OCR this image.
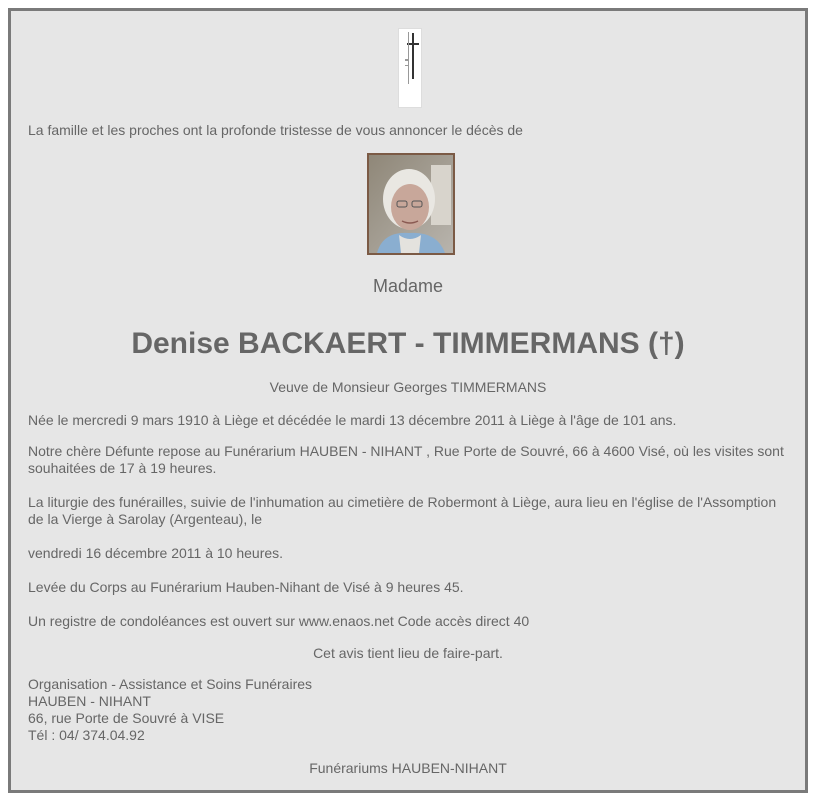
La famille et les proches ont la profonde tristesse de vous annoncer le décès de
Madame
Denise BACKAERT - TIMMERMANS (†)
Veuve de Monsieur Georges TIMMERMANS
Née le mercredi 9 mars 1910 à Liège et décédée le mardi 13 décembre 2011 à Liège à l'âge de 101 ans.
Notre chère Défunte repose au Funérarium HAUBEN - NIHANT , Rue Porte de Souvré, 66 à 4600 Visé, où les visites sont souhaitées de 17 à 19 heures.
La liturgie des funérailles, suivie de l'inhumation au cimetière de Robermont à Liège, aura lieu en l'église de l'Assomption de la Vierge à Sarolay (Argenteau), le
vendredi 16 décembre 2011 à 10 heures.
Levée du Corps au Funérarium Hauben-Nihant de Visé à 9 heures 45.
Un registre de condoléances est ouvert sur www.enaos.net Code accès direct 40
Cet avis tient lieu de faire-part.
Organisation - Assistance et Soins Funéraires
HAUBEN - NIHANT
66, rue Porte de Souvré à VISE
Tél : 04/ 374.04.92
Funérariums HAUBEN-NIHANT
